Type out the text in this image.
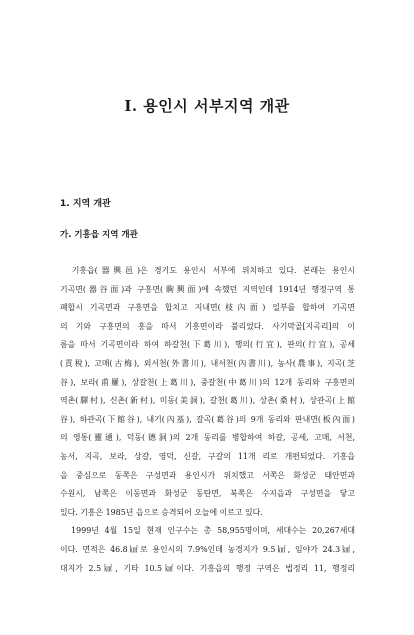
Ⅰ. 용인시 서부지역 개관
1. 지역 개관
가. 기흥읍 지역 개관
　기흥읍(器興邑)은 경기도 용인시 서부에 위치하고 있다. 본래는 용인시
기곡면(器谷面)과 구흥면(駒興面)에 속했던 지역인데 1914년 행정구역 통
폐합시 기곡면과 구흥면을 합치고 지내면(枝內面) 일부를 합하여 기곡면
의 기와 구흥면의 흥을 따서 기흥면이라 불리었다. 사기막골[지곡리]의 이
름을 따서 기곡면이라 하여 하갈천(下葛川), 행의(行宜), 판의(行宜), 공세
(貢稅), 고매(古梅), 외서천(外書川), 내서천(內書川), 농사(農事), 지곡(芝
谷), 보라(甫羅), 상갈천(上葛川), 중갈천(中葛川)의 12개 동리와 구흥면의
역촌(驛村), 신촌(新村), 미동(美洞), 갈천(葛川), 상촌(桑村), 상관곡(上館
谷), 하관곡(下館谷), 내기(內基), 갈곡(葛谷)의 9개 동리와 판내면(板內面)
의 영통(靈通), 덕동(德洞)의 2개 동리를 병합하여 하갈, 공세, 고매, 서천,
농서, 지곡, 보라, 상갈, 영덕, 신갈, 구갈의 11개 리로 개편되었다. 기흥읍
을 중심으로 동쪽은 구성면과 용인시가 위치했고 서쪽은 화성군 태안면과
수원시, 남쪽은 이동면과 화성군 동탄면, 북쪽은 수지읍과 구성면을 닿고
있다. 기흥은 1985년 읍으로 승격되어 오늘에 이르고 있다.
　1999년 4월 15일 현재 인구수는 총 58,955명이며, 세대수는 20,267세대
이다. 면적은 46.8㎢로 용인시의 7.9%인데 농경지가 9.5㎢, 임야가 24.3㎢,
대지가 2.5㎢, 기타 10.5㎢이다. 기흥읍의 행정 구역은 법정리 11, 행정리
